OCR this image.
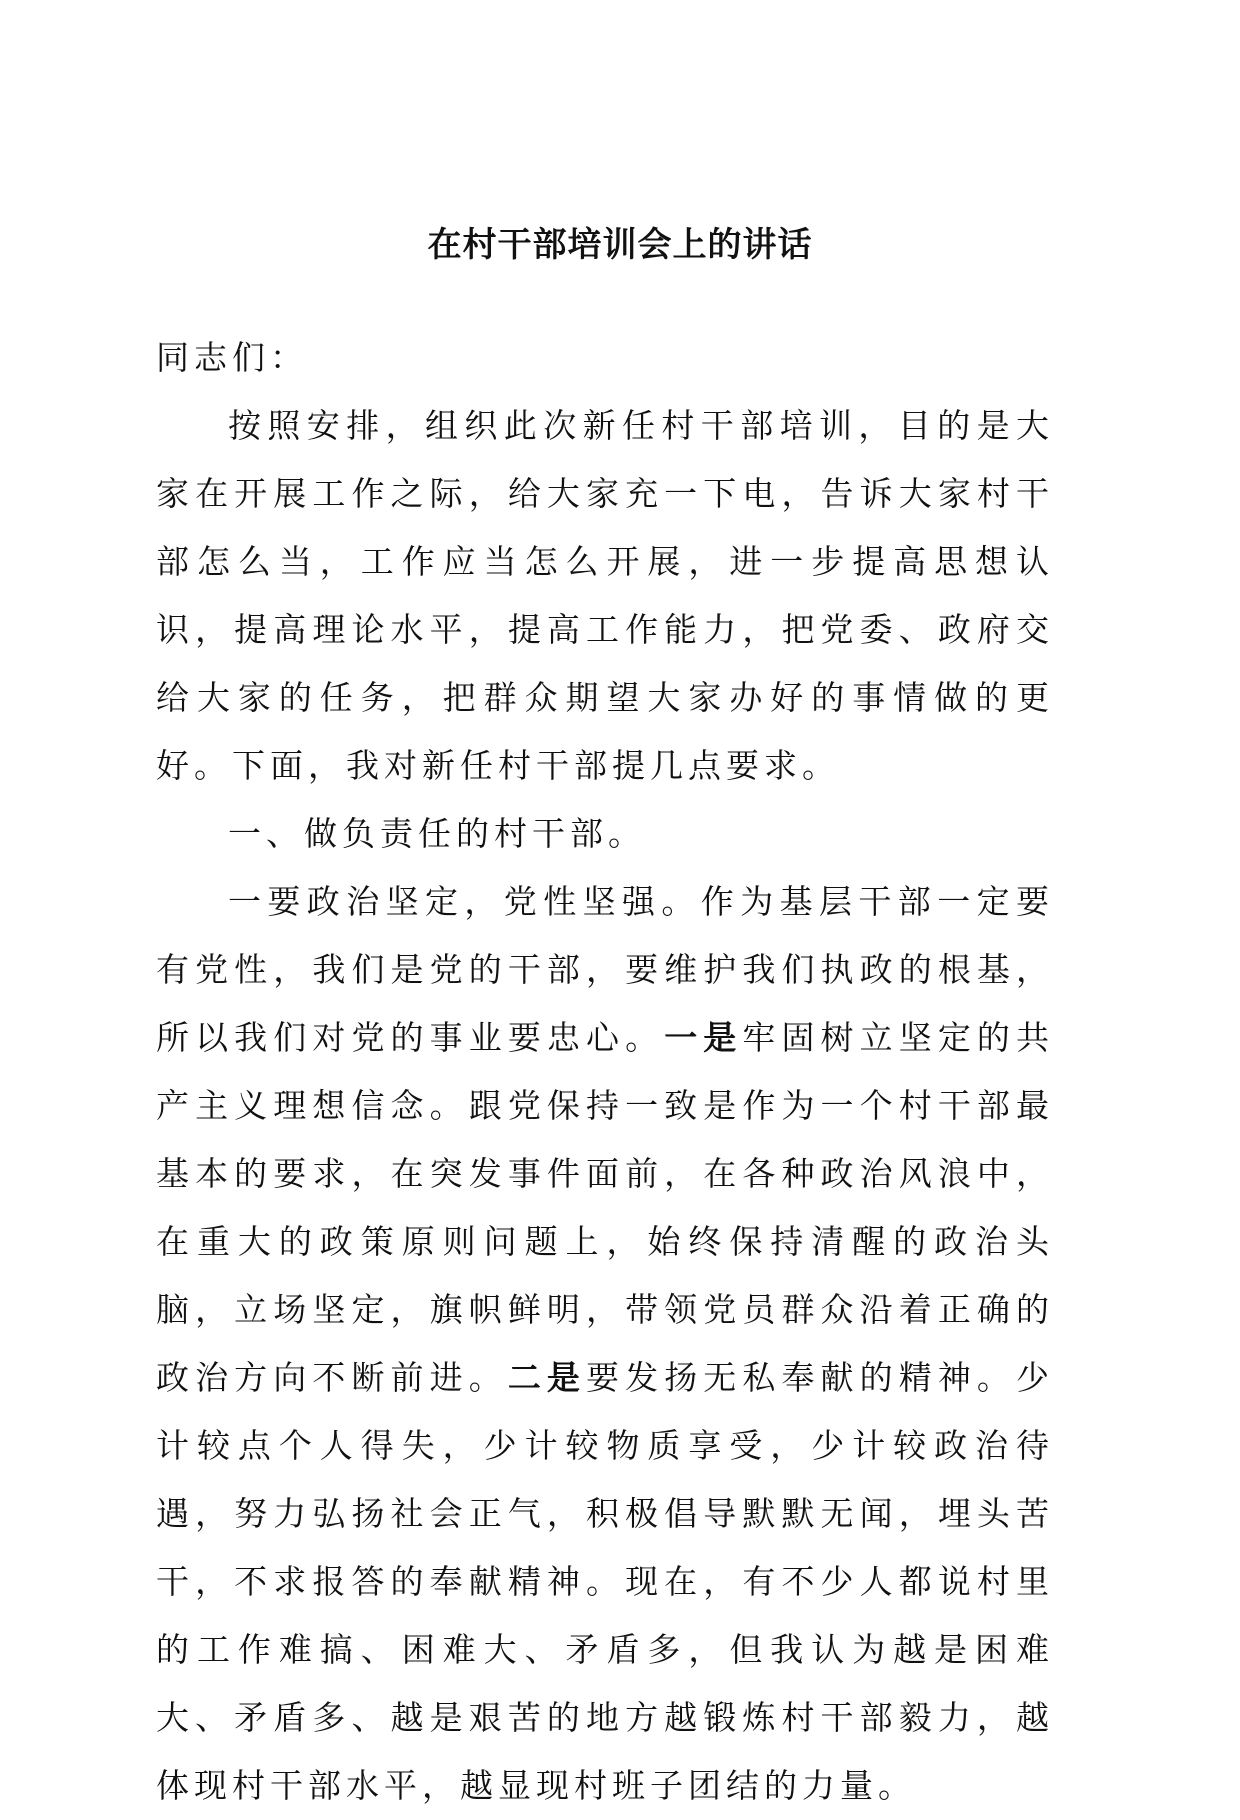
在村干部培训会上的讲话

同志们：

按照安排，组织此次新任村干部培训，目的是大家在开展工作之际，给大家充一下电，告诉大家村干部怎么当，工作应当怎么开展，进一步提高思想认识，提高理论水平，提高工作能力，把党委、政府交给大家的任务，把群众期望大家办好的事情做的更好。下面，我对新任村干部提几点要求。

一、做负责任的村干部。

一要政治坚定，党性坚强。作为基层干部一定要有党性，我们是党的干部，要维护我们执政的根基，所以我们对党的事业要忠心。一是牢固树立坚定的共产主义理想信念。跟党保持一致是作为一个村干部最基本的要求，在突发事件面前，在各种政治风浪中，在重大的政策原则问题上，始终保持清醒的政治头脑，立场坚定，旗帜鲜明，带领党员群众沿着正确的政治方向不断前进。二是要发扬无私奉献的精神。少计较点个人得失，少计较物质享受，少计较政治待遇，努力弘扬社会正气，积极倡导默默无闻，埋头苦干，不求报答的奉献精神。现在，有不少人都说村里的工作难搞、困难大、矛盾多，但我认为越是困难大、矛盾多、越是艰苦的地方越锻炼村干部毅力，越体现村干部水平，越显现村班子团结的力量。
